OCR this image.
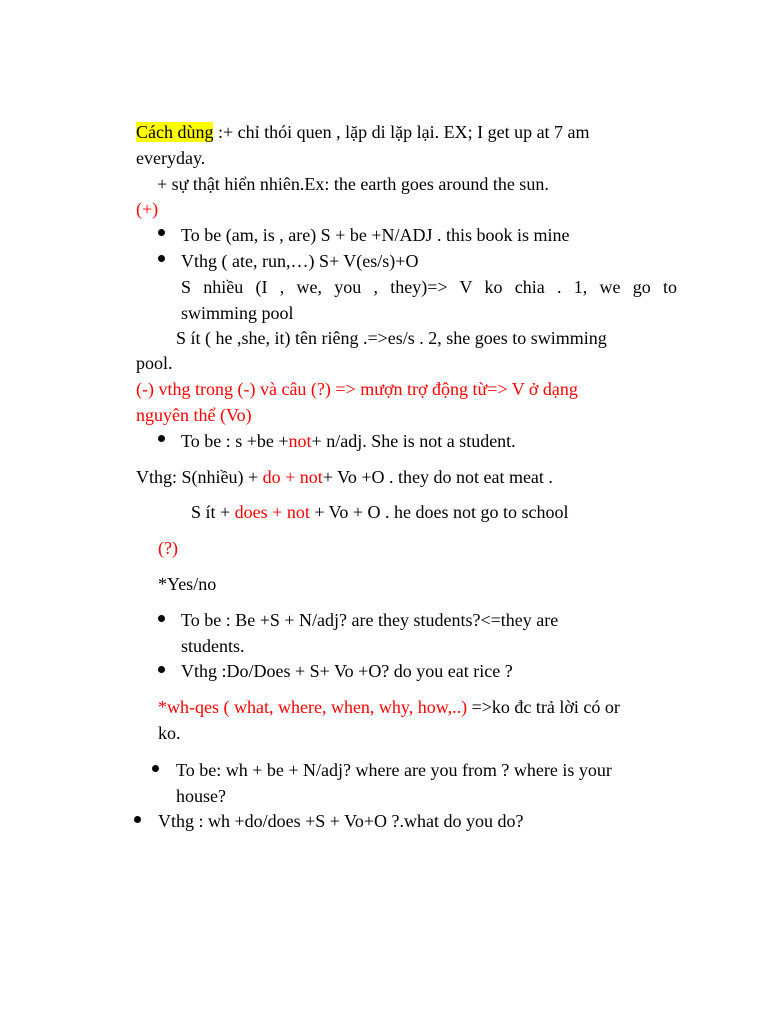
Cách dùng :+ chỉ thói quen , lặp di lặp lại. EX; I get up at 7 am
everyday.
+ sự thật hiển nhiên.Ex: the earth goes around the sun.
(+)
To be (am, is , are) S + be +N/ADJ . this book is mine
Vthg ( ate, run,…) S+ V(es/s)+O
S nhiều (I , we, you , they)=> V ko chia . 1, we go to
swimming pool
S ít ( he ,she, it) tên riêng .=>es/s . 2, she goes to swimming
pool.
(-) vthg trong (-) và câu (?) => mượn trợ động từ=> V ở dạng
nguyên thể (Vo)
To be : s +be +not+ n/adj. She is not a student.
Vthg: S(nhiều) + do + not+ Vo +O . they do not eat meat .
S ít + does + not + Vo + O . he does not go to school
(?)
*Yes/no
To be : Be +S + N/adj? are they students?<=they are
students.
Vthg :Do/Does + S+ Vo +O? do you eat rice ?
*wh-qes ( what, where, when, why, how,..) =>ko đc trả lời có or
ko.
To be: wh + be + N/adj? where are you from ? where is your
house?
Vthg : wh +do/does +S + Vo+O ?.what do you do?
